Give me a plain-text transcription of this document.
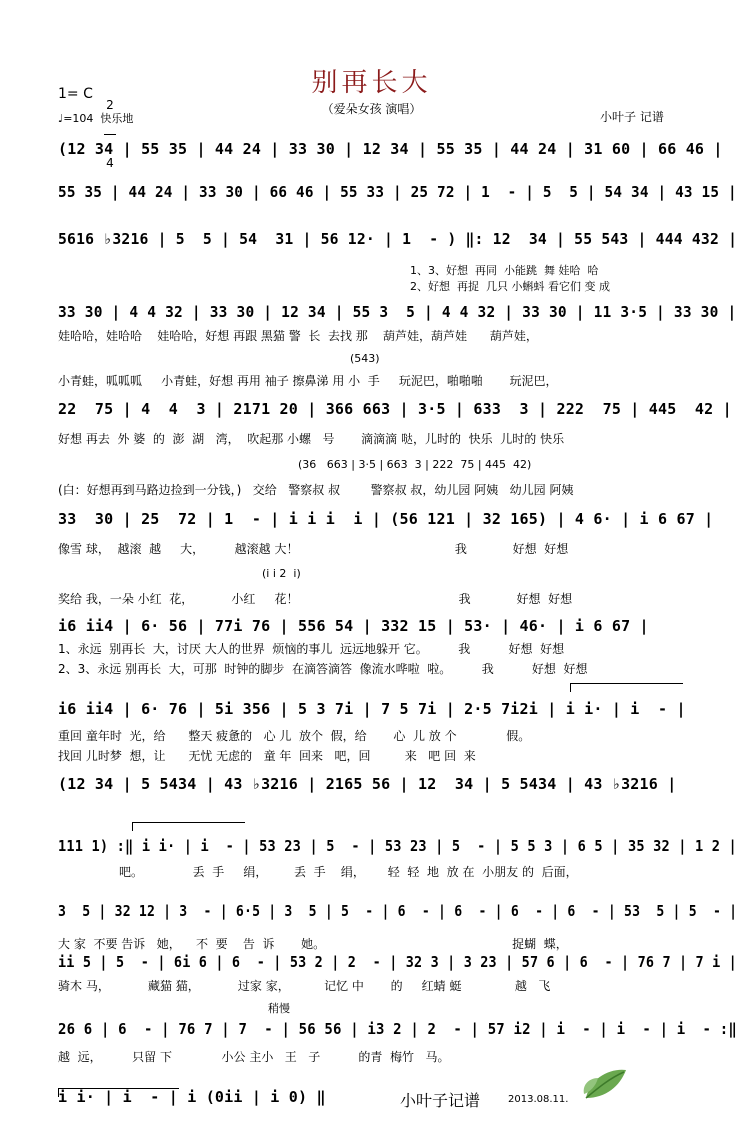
别再长大
（爱朵女孩 演唱）
1= C

2

4

♩=104  快乐地	小叶子 记谱
(12 34 | 55 35 | 44 24 | 33 30 | 12 34 | 55 35 | 44 24 | 31 60 | 66 46 |
55 35 | 44 24 | 33 30 | 66 46 | 55 33 | 25 72 | 1  - | 5  5 | 54 34 | 43 15 |
5616 ♭3216 | 5  5 | 54  31 | 56 12· | 1  - ) ‖: 12  34 | 55 543 | 444 432 |
1、3、好想  再同  小能跳  舞 娃哈  哈
2、好想  再捉  几只 小蝌蚪 看它们 变 成
33 30 | 4 4 32 | 33 30 | 12 34 | 55 3  5 | 4 4 32 | 33 30 | 11 3·5 | 33 30 |
娃哈哈，娃哈哈    娃哈哈，好想 再跟 黑猫 警  长  去找 那    葫芦娃，葫芦娃      葫芦娃，
(543)
小青蛙，呱呱呱     小青蛙，好想 再用 袖子 擦鼻涕 用 小  手     玩泥巴，啪啪啪       玩泥巴，
22  75 | 4  4  3 | 2171 20 | 366 663 | 3·5 | 633  3 | 222  75 | 445  42 |
好想 再去  外 婆  的  澎  湖   湾，  吹起那 小螺   号       滴滴滴 哒，儿时的  快乐  儿时的 快乐
(36   663 | 3·5 | 663  3 | 222  75 | 445  42)
(白：好想再到马路边捡到一分钱，)   交给   警察叔 叔        警察叔 叔，幼儿园 阿姨   幼儿园 阿姨
33  30 | 25  72 | 1  - | i i i  i | (56 121 | 32 165) | 4 6· | i 6 67 |
像雪 球，  越滚  越     大，        越滚越 大！                                         我            好想  好想
(i i 2  i)
奖给 我，一朵 小红  花，          小红     花！                                          我            好想  好想
i6 ii4 | 6· 56 | 77i 76 | 556 54 | 332 15 | 53· | 46· | i 6 67 |
1、永远  别再长  大，讨厌 大人的世界  烦恼的事儿  远远地躲开 它。        我          好想  好想
2、3、永远 别再长  大，可那  时钟的脚步  在滴答滴答  像流水哗啦  啦。        我          好想  好想
i6 ii4 | 6· 76 | 5i 356 | 5 3 7i | 7 5 7i | 2·5 7i2i | i i· | i  - |
重回 童年时  光，给      整天 疲惫的   心 儿  放个  假，给       心  儿 放 个             假。
找回 儿时梦  想，让      无忧 无虑的   童 年  回来   吧，回         来   吧 回  来
(12 34 | 5 5434 | 43 ♭3216 | 2165 56 | 12  34 | 5 5434 | 43 ♭3216 |
111 1) :‖ i i· | i  - | 53 23 | 5  - | 53 23 | 5  - | 5 5 3 | 6 5 | 35 32 | 1 2 |
吧。             丢  手     绢，       丢  手    绢，      轻  轻  地  放 在  小朋友 的  后面，
3  5 | 32 12 | 3  - | 6·5 | 3  5 | 5  - | 6  - | 6  - | 6  - | 6  - | 53  5 | 5  - |
大 家  不要 告诉   她，    不  要    告  诉       她。                                                 捉蝴  蝶，
ii 5 | 5  - | 6i 6 | 6  - | 53 2 | 2  - | 32 3 | 3 23 | 57 6 | 6  - | 76 7 | 7 i |
骑木 马，          藏猫 猫，          过家 家，         记忆 中       的     红蜻 蜓              越   飞
稍慢
26 6 | 6  - | 76 7 | 7  - | 56 56 | i3 2 | 2  - | 57 i2 | i  - | i  - | i  - :‖
越  远，        只留 下             小公 主小   王   子          的青  梅竹   马。
i i· | i  - | i (0ii | i 0) ‖	小叶子记谱	2013.08.11.
